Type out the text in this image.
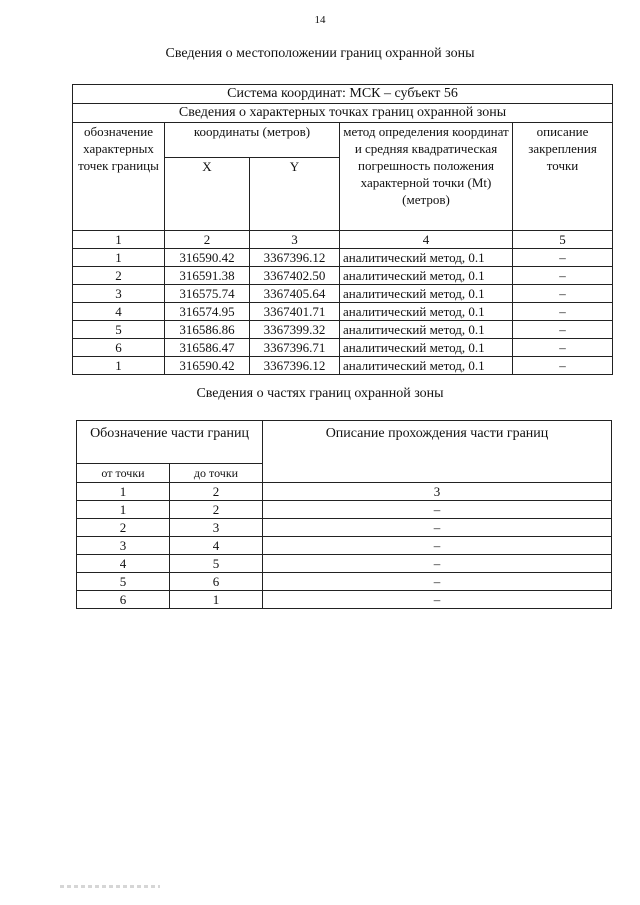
14
Сведения о местоположении границ охранной зоны
Система координат: МСК – субъект 56				
Сведения о характерных точках границ охранной зоны				
обозначение характерных точек границы	координаты (метров)		метод определения координат и средняя квадратическая погрешность положения характерной точки (Mt) (метров)	описание закрепления точки
	X	Y		
1	2	3	4	5
1	316590.42	3367396.12	аналитический метод, 0.1	–
2	316591.38	3367402.50	аналитический метод, 0.1	–
3	316575.74	3367405.64	аналитический метод, 0.1	–
4	316574.95	3367401.71	аналитический метод, 0.1	–
5	316586.86	3367399.32	аналитический метод, 0.1	–
6	316586.47	3367396.71	аналитический метод, 0.1	–
1	316590.42	3367396.12	аналитический метод, 0.1	–
Сведения о частях границ охранной зоны
Обозначение части границ		Описание прохождения части границ
от точки	до точки	
1	2	3
1	2	–
2	3	–
3	4	–
4	5	–
5	6	–
6	1	–
